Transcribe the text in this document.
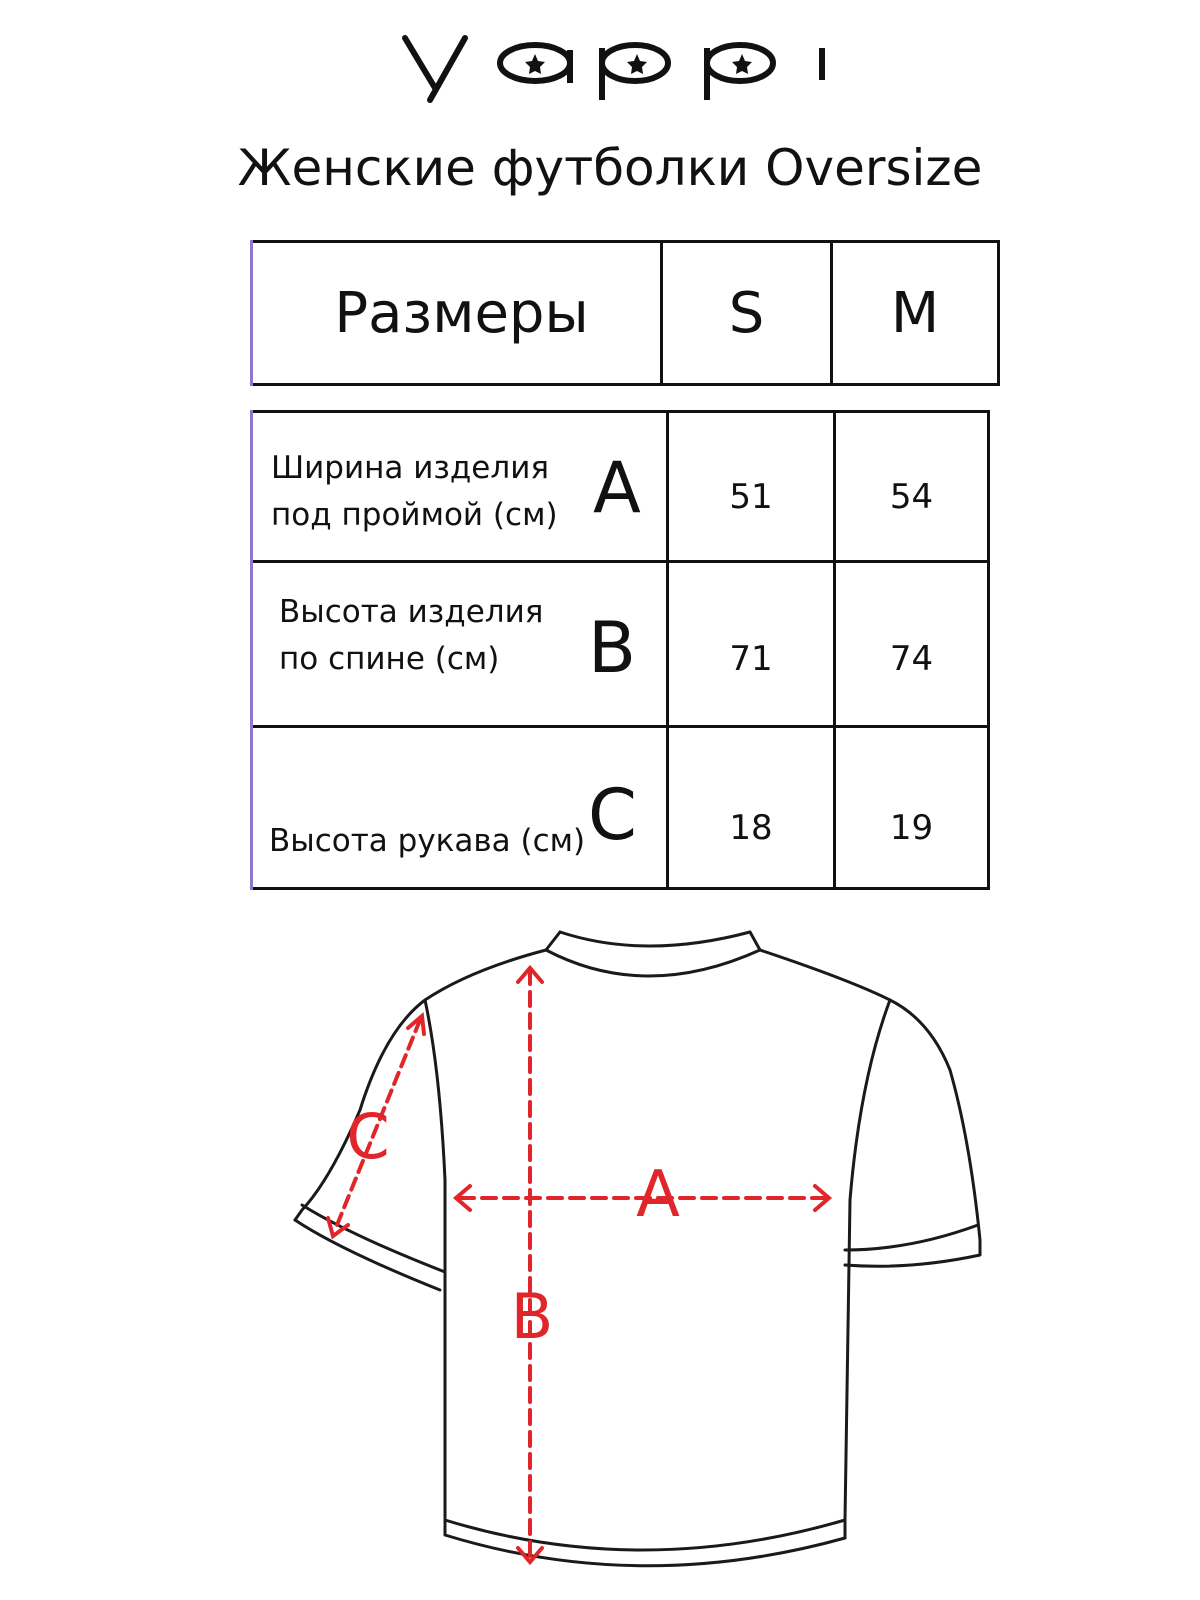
Женские футболки Oversize
Размеры	S	M
Ширина изделия
под проймой (см) A	51	54
Высота изделия
по спине (см)	B	71	74
Высота рукава (см) C	18	19
A
B
C
